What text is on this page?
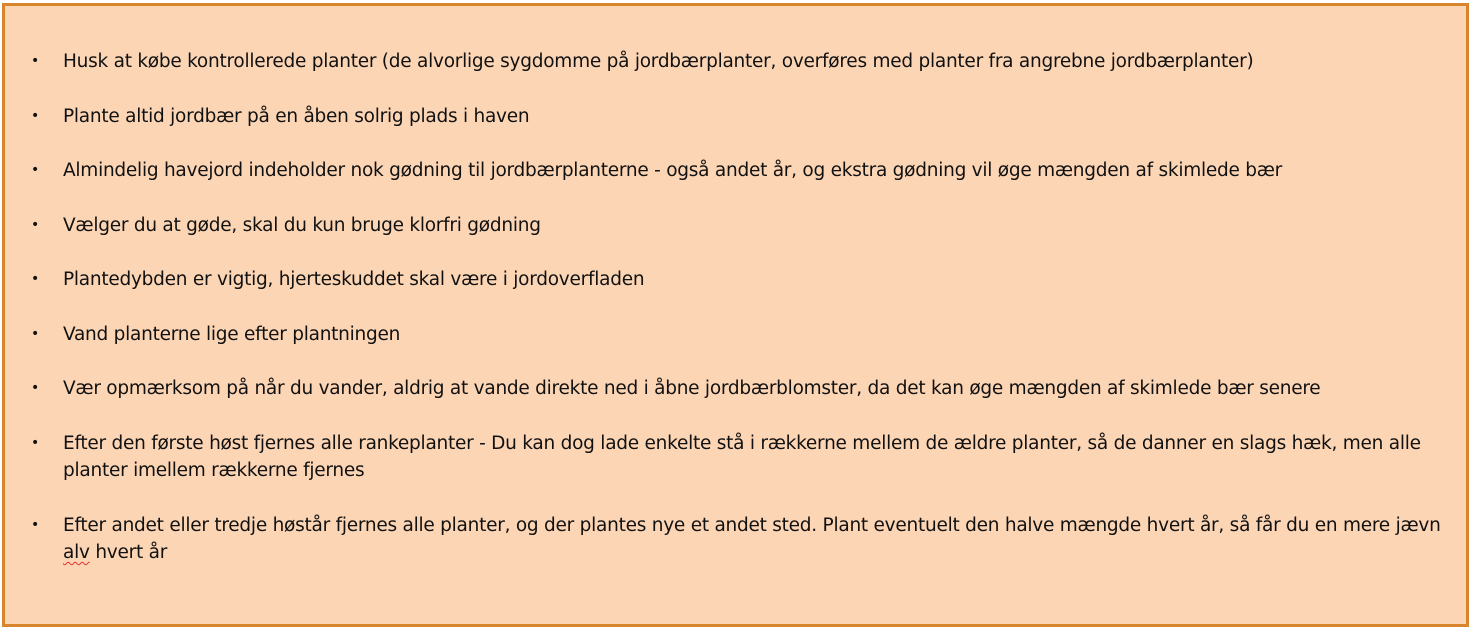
•	Husk at købe kontrollerede planter (de alvorlige sygdomme på jordbærplanter, overføres med planter fra angrebne jordbærplanter)
•	Plante altid jordbær på en åben solrig plads i haven
•	Almindelig havejord indeholder nok gødning til jordbærplanterne - også andet år, og ekstra gødning vil øge mængden af skimlede bær
•	Vælger du at gøde, skal du kun bruge klorfri gødning
•	Plantedybden er vigtig, hjerteskuddet skal være i jordoverfladen
•	Vand planterne lige efter plantningen
•	Vær opmærksom på når du vander, aldrig at vande direkte ned i åbne jordbærblomster, da det kan øge mængden af skimlede bær senere
•	Efter den første høst fjernes alle rankeplanter - Du kan dog lade enkelte stå i rækkerne mellem de ældre planter, så de danner en slags hæk, men alle planter imellem rækkerne fjernes
•	Efter andet eller tredje høstår fjernes alle planter, og der plantes nye et andet sted. Plant eventuelt den halve mængde hvert år, så får du en mere jævn alv hvert år
